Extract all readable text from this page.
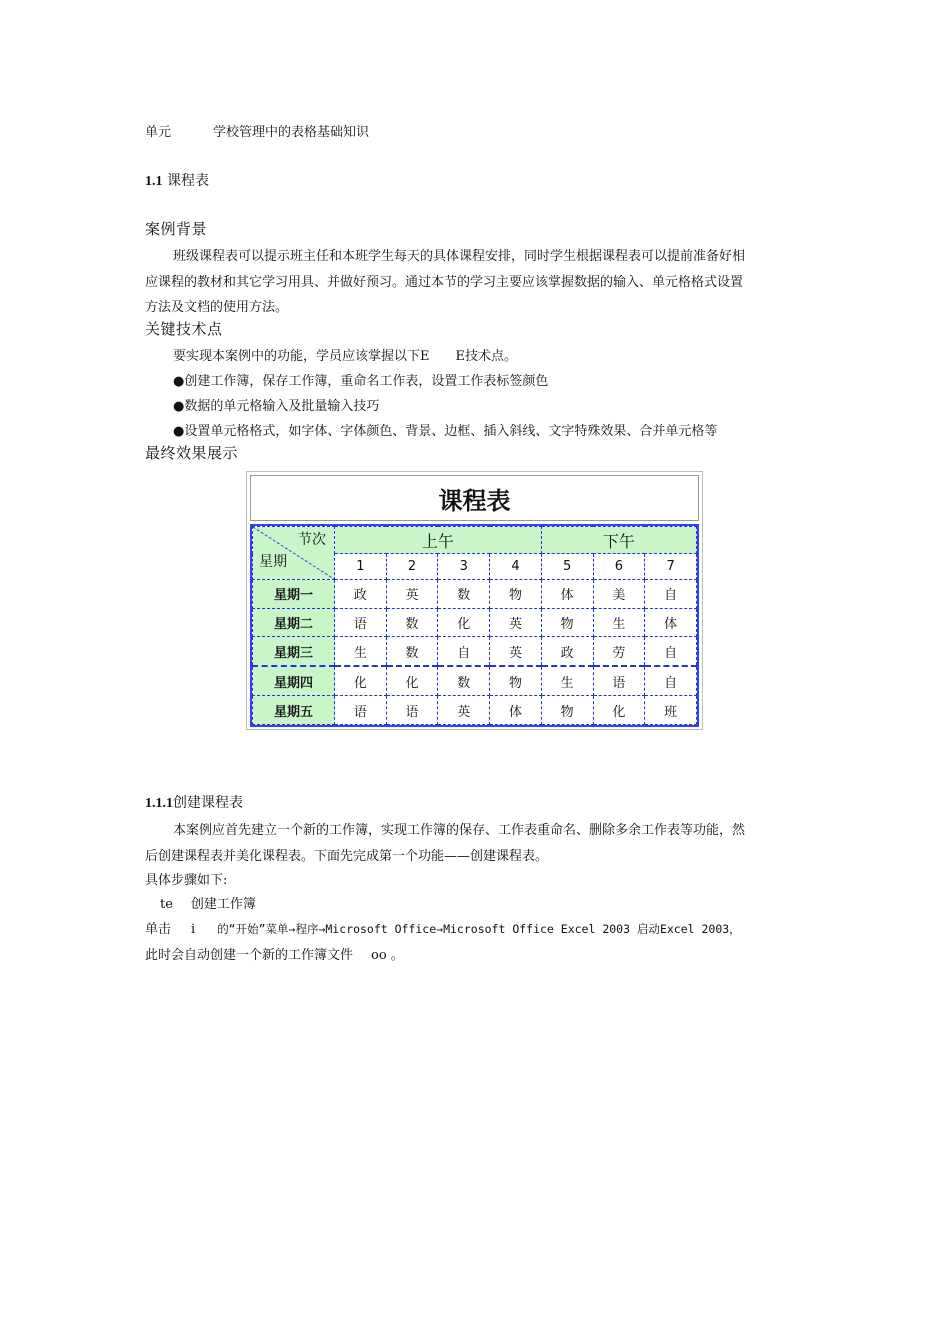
单元	学校管理中的表格基础知识
1.1 课程表
案例背景
班级课程表可以提示班主任和本班学生每天的具体课程安排，同时学生根据课程表可以提前准备好相
应课程的教材和其它学习用具、并做好预习。通过本节的学习主要应该掌握数据的输入、单元格格式设置
方法及文档的使用方法。
关键技术点
要实现本案例中的功能，学员应该掌握以下E E技术点。
●创建工作簿，保存工作簿，重命名工作表，设置工作表标签颜色
●数据的单元格输入及批量输入技巧
●设置单元格格式，如字体、字体颜色、背景、边框、插入斜线、文字特殊效果、合并单元格等
最终效果展示
课程表
节次
星期	上午				下午		
	1	2	3	4	5	6	7
星期一	政	英	数	物	体	美	自
星期二	语	数	化	英	物	生	体
星期三	生	数	自	英	政	劳	自
星期四	化	化	数	物	生	语	自
星期五	语	语	英	体	物	化	班
1.1.1创建课程表
本案例应首先建立一个新的工作簿，实现工作簿的保存、工作表重命名、删除多余工作表等功能，然
后创建课程表并美化课程表。下面先完成第一个功能——创建课程表。
具体步骤如下:
te 创建工作簿
单击 i 的“开始”菜单→程序→Microsoft Office→Microsoft Office Excel 2003 启动Excel 2003，
此时会自动创建一个新的工作簿文件 oo 。
